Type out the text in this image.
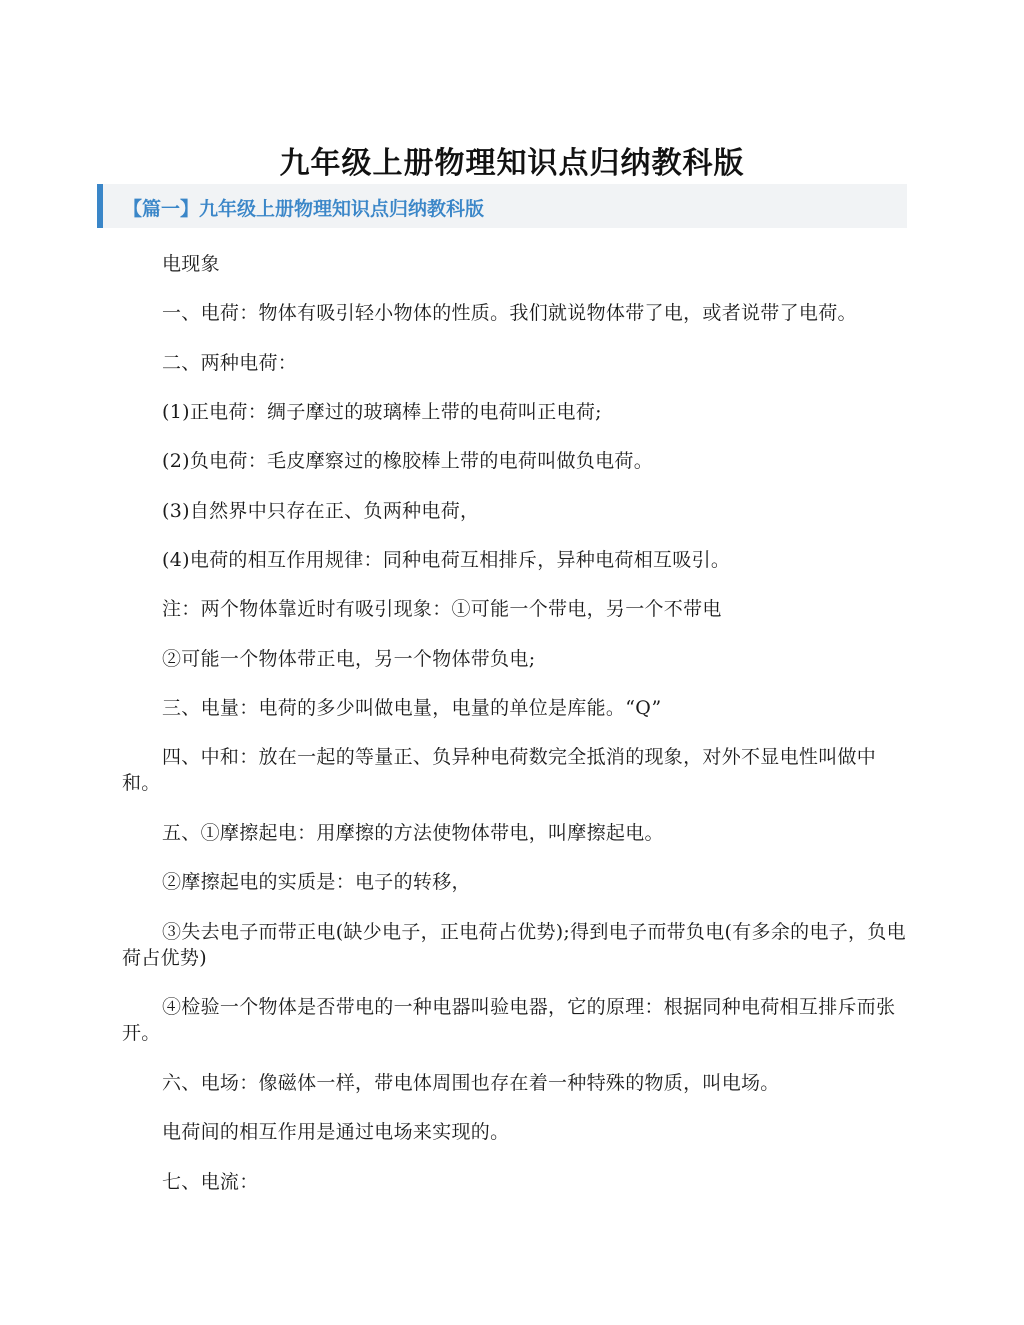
九年级上册物理知识点归纳教科版
【篇一】九年级上册物理知识点归纳教科版

电现象

一、电荷：物体有吸引轻小物体的性质。我们就说物体带了电，或者说带了电荷。

二、两种电荷：

(1)正电荷：绸子摩过的玻璃棒上带的电荷叫正电荷;

(2)负电荷：毛皮摩察过的橡胶棒上带的电荷叫做负电荷。

(3)自然界中只存在正、负两种电荷，

(4)电荷的相互作用规律：同种电荷互相排斥，异种电荷相互吸引。

注：两个物体靠近时有吸引现象：①可能一个带电，另一个不带电

②可能一个物体带正电，另一个物体带负电;

三、电量：电荷的多少叫做电量，电量的单位是库能。“Q”

四、中和：放在一起的等量正、负异种电荷数完全抵消的现象，对外不显电性叫做中和。

五、①摩擦起电：用摩擦的方法使物体带电，叫摩擦起电。

②摩擦起电的实质是：电子的转移，

③失去电子而带正电(缺少电子，正电荷占优势);得到电子而带负电(有多余的电子，负电荷占优势)

④检验一个物体是否带电的一种电器叫验电器，它的原理：根据同种电荷相互排斥而张开。

六、电场：像磁体一样，带电体周围也存在着一种特殊的物质，叫电场。

电荷间的相互作用是通过电场来实现的。

七、电流：
